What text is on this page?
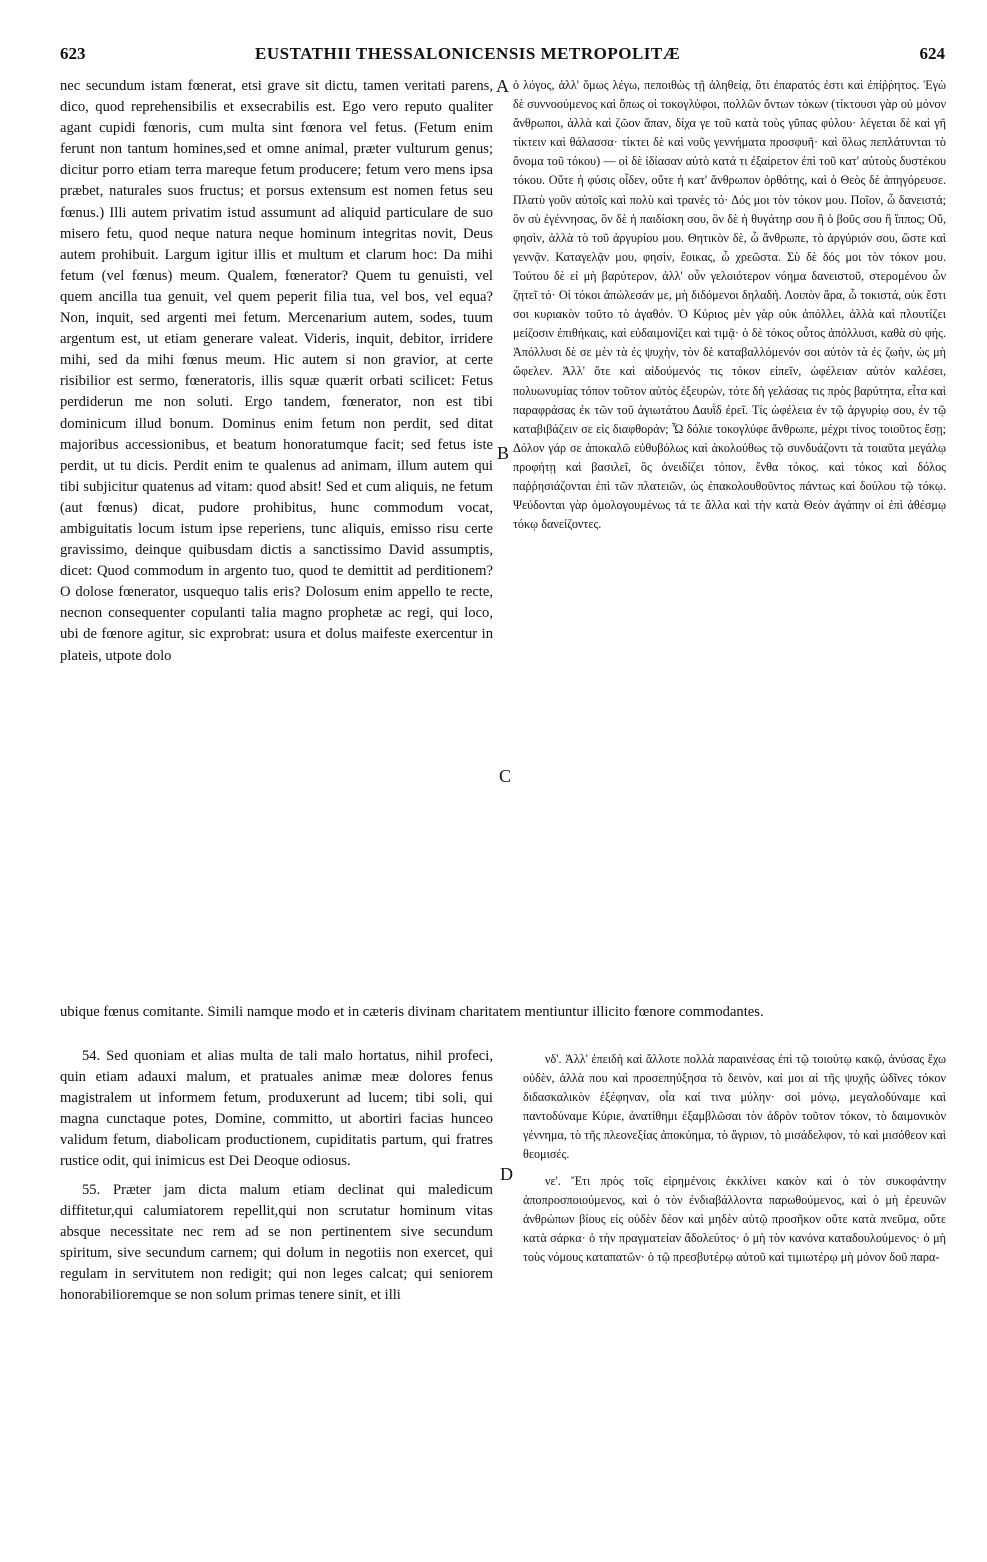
623	EUSTATHII THESSALONICENSIS METROPOLITÆ	624
A
B
C
D

nec secundum istam fœnerat, etsi grave sit dictu, tamen veritati parens, dico, quod reprehensibilis et exsecrabilis est. Ego vero reputo qualiter agant cupidi fœnoris, cum multa sint fœnora vel fetus. (Fetum enim ferunt non tantum homines,sed et omne animal, præter vulturum genus; dicitur porro etiam terra mareque fetum producere; fetum vero mens ipsa præbet, naturales suos fructus; et porsus extensum est nomen fetus seu fœnus.) Illi autem privatim istud assumunt ad aliquid particulare de suo misero fetu, quod neque natura neque hominum integritas novit, Deus autem prohibuit. Largum igitur illis et multum et clarum hoc: Da mihi fetum (vel fœnus) meum. Qualem, fœnerator? Quem tu genuisti, vel quem ancilla tua genuit, vel quem peperit filia tua, vel bos, vel equa? Non, inquit, sed argenti mei fetum. Mercenarium autem, sodes, tuum argentum est, ut etiam generare valeat. Videris, inquit, debitor, irridere mihi, sed da mihi fœnus meum. Hic autem si non gravior, at certe risibilior est sermo, fœneratoris, illis squæ quærit orbati scilicet: Fetus perdiderun me non soluti. Ergo tandem, fœnerator, non est tibi dominicum illud bonum. Dominus enim fetum non perdit, sed ditat majoribus accessionibus, et beatum honoratumque facit; sed fetus iste perdit, ut tu dicis. Perdit enim te qualenus ad animam, illum autem qui tibi subjicitur quatenus ad vitam: quod absit! Sed et cum aliquis, ne fetum (aut fœnus) dicat, pudore prohibitus, hunc commodum vocat, ambiguitatis locum istum ipse reperiens, tunc aliquis, emisso risu certe gravissimo, deinque quibusdam dictis a sanctissimo David assumptis, dicet: Quod commodum in argento tuo, quod te demittit ad perditionem? O dolose fœnerator, usquequo talis eris? Dolosum enim appello te recte, necnon consequenter copulanti talia magno prophetæ ac regi, qui loco, ubi de fœnore agitur, sic exprobrat: usura et dolus maifeste exercentur in plateis, utpote dolo

ὁ λόγος, ἀλλ' ὅμως λέγω, πεποιθὼς τῇ ἀληθείᾳ, ὅτι ἐπαρατός ἐστι καὶ ἐπίῤῥητος. Ἐγὼ δὲ συννοούμενος καὶ ὅπως οἱ τοκογλύφοι, πολλῶν ὄντων τόκων (τίκτουσι γὰρ οὐ μόνον ἄνθρωποι, ἀλλὰ καὶ ζῶον ἅπαν, δίχα γε τοῦ κατὰ τοὺς γῦπας φύλου· λέγεται δὲ καὶ γῆ τίκτειν καὶ θάλασσα· τίκτει δὲ καὶ νοῦς γεννήματα προσφυῆ· καὶ ὅλως πεπλάτυνται τὸ ὄνομα τοῦ τόκου) — οἱ δὲ ἰδίασαν αὐτὸ κατά τι ἐξαίρετον ἐπὶ τοῦ κατ' αὐτοὺς δυστέκου τόκου. Οὔτε ἡ φύσις οἶδεν, οὔτε ἡ κατ' ἄνθρωπον ὀρθότης, καὶ ὁ Θεὸς δὲ ἀπηγόρευσε. Πλατὺ γοῦν αὐτοῖς καὶ πολὺ καὶ τρανὲς τό· Δός μοι τὸν τόκον μου. Ποῖον, ὦ δανειστά; ὃν σὺ ἐγέννησας, ὃν δὲ ἡ παιδίσκη σου, ὃν δὲ ἡ θυγάτηρ σου ἢ ὁ βοῦς σου ἢ ἵππος; Οὔ, φησὶν, ἀλλὰ τὸ τοῦ ἀργυρίου μου. Θητικὸν δὲ, ὦ ἄνθρωπε, τὸ ἀργύριόν σου, ὥστε καὶ γεννᾷν. Καταγελᾷν μου, φησὶν, ἔοικας, ὦ χρεῶστα. Σὺ δὲ δός μοι τὸν τόκον μου. Τούτου δὲ εἰ μὴ βαρύτερον, ἀλλ' οὖν γελοιότερον νόημα δανειστοῦ, στερομένου ὧν ζητεῖ τό· Οἱ τόκοι ἀπώλεσάν με, μὴ διδόμενοι δηλαδή. Λοιπὸν ἄρα, ὦ τοκιστά, οὐκ ἔστι σοι κυριακὸν τοῦτο τὸ ἀγαθόν. Ὁ Κύριος μὲν γὰρ οὐκ ἀπόλλει, ἀλλὰ καὶ πλουτίζει μείζοσιν ἐπιθήκαις, καὶ εὐδαιμονίζει καὶ τιμᾷ· ὁ δὲ τόκος οὗτος ἀπόλλυσι, καθὰ σὺ φής. Ἀπόλλυσι δὲ σε μὲν τὰ ἐς ψυχὴν, τὸν δὲ καταβαλλόμενόν σοι αὐτὸν τὰ ἐς ζωὴν, ὡς μὴ ὤφελεν. Ἀλλ' ὅτε καὶ αἰδούμενός τις τόκον εἰπεῖν, ὠφέλειαν αὐτὸν καλέσει, πολυωνυμίας τόπον τοῦτον αὐτὸς ἐξευρὼν, τότε δὴ γελάσας τις πρὸς βαρύτητα, εἶτα καὶ παραφράσας ἐκ τῶν τοῦ ἁγιωτάτου Δαυῒδ ἐρεῖ. Τίς ὠφέλεια ἐν τῷ ἀργυρίῳ σου, ἐν τῷ καταβιβάζειν σε εἰς διαφθοράν; Ὦ δόλιε τοκογλύφε ἄνθρωπε, μέχρι τίνος τοιοῦτος ἔσῃ; Δόλον γάρ σε ἀποκαλῶ εὐθυβόλως καὶ ἀκολούθως τῷ συνδυάζοντι τὰ τοιαῦτα μεγάλῳ προφήτῃ καὶ βασιλεῖ, ὃς ὀνειδίζει τόπον, ἔνθα τόκος. καὶ τόκος καὶ δόλος παῤῥησιάζονται ἐπὶ τῶν πλατειῶν, ὡς ἐπακολουθοῦντος πάντως καὶ δούλου τῷ τόκῳ. Ψεύδονται γὰρ ὁμολογουμένως τά τε ἄλλα καὶ τὴν κατὰ Θεὸν ἀγάπην οἱ ἐπὶ ἀθέσμῳ τόκῳ δανείζοντες.

ubique fœnus comitante. Simili namque modo et in cæteris divinam charitatem mentiuntur illicito fœnore commodantes.

54. Sed quoniam et alias multa de tali malo hortatus, nihil profeci, quin etiam adauxi malum, et pratuales animæ meæ dolores fenus magistralem ut informem fetum, produxerunt ad lucem; tibi soli, qui magna cunctaque potes, Domine, committo, ut abortiri facias hunceo validum fetum, diabolicam productionem, cupiditatis partum, qui fratres rustice odit, qui inimicus est Dei Deoque odiosus.

55. Præter jam dicta malum etiam declinat qui maledicum diffitetur,qui calumiatorem repellit,qui non scrutatur hominum vitas absque necessitate nec rem ad se non pertinentem sive secundum spiritum, sive secundum carnem; qui dolum in negotiis non exercet, qui regulam in servitutem non redigit; qui non leges calcat; qui seniorem honorabilioremque se non solum primas tenere sinit, et illi

νδ'. Ἀλλ' ἐπειδὴ καὶ ἄλλοτε πολλὰ παραινέσας ἐπὶ τῷ τοιούτῳ κακῷ, ἀνύσας ἔχω οὐδὲν, ἀλλὰ που καὶ προσεπηύξησα τὸ δεινὸν, καί μοι αἱ τῆς ψυχῆς ὠδῖνες τόκον διδασκαλικὸν ἐξέφηναν, οἷα καί τινα μύλην· σοὶ μόνῳ, μεγαλοδύναμε καὶ παντοδύναμε Κύριε, ἀνατίθημι ἐξαμβλῶσαι τὸν ἁδρὸν τοῦτον τόκον, τὸ δαιμονικὸν γέννημα, τὸ τῆς πλεονεξίας ἀποκύημα, τὸ ἄγριον, τὸ μισάδελφον, τὸ καὶ μισόθεον καὶ θεομισές.

νε'. Ἔτι πρὸς τοῖς εἰρημένοις ἐκκλίνει κακὸν καὶ ὁ τὸν συκοφάντην ἀποπροσποιούμενος, καὶ ὁ τὸν ἐνδιαβάλλοντα παρωθούμενος, καὶ ὁ μὴ ἐρευνῶν ἀνθρώπων βίους εἰς οὐδὲν δέον καὶ μηδὲν αὐτῷ προσῆκον οὔτε κατὰ πνεῦμα, οὔτε κατὰ σάρκα· ὁ τὴν πραγματείαν ἄδολεύτος· ὁ μὴ τὸν κανόνα καταδουλούμενος· ὁ μὴ τοὺς νόμους καταπατῶν· ὁ τῷ πρεσβυτέρῳ αὐτοῦ καὶ τιμιωτέρῳ μὴ μόνον δοῦ παρα-
